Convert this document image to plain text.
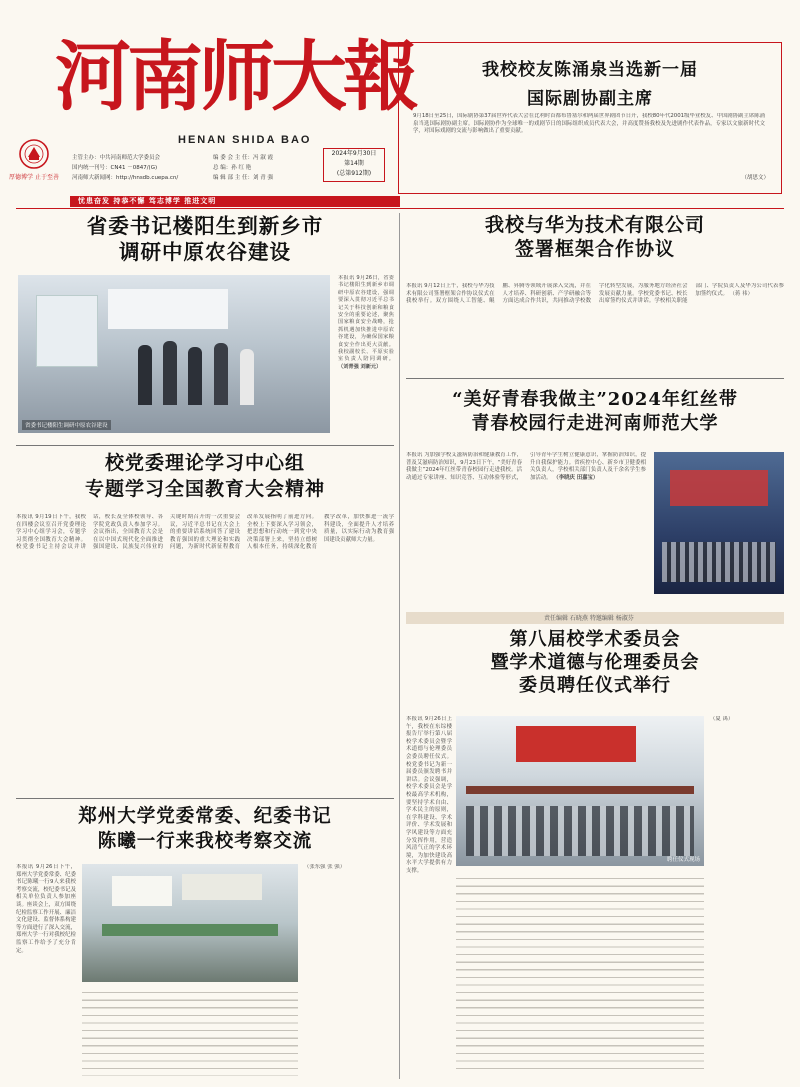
河南师大報
HENAN SHIDA BAO
厚德博学 止于至善
主管主办：中共河南师范大学委员会
国内统一刊号：CN41 －0847/(G)
河南师大新闻网：http://hnsdb.cuepa.cn/
编 委 会 主 任：冯 淑 霞
总 编：孙 红 艳
编 辑 部 主 任：刘 青 强
2024年9月30日
第14期
(总第912期)
我校校友陈涌泉当选新一届
国际剧协副主席
9月18日至25日，国际剧协第37届世界代表大会在比利时首都布鲁塞尔和两届世界剧团节日开，我校80年代2001级毕业校友、中国剧协副主席陈涌泉当选国际剧协副主席。国际剧协作为全球唯一的戏剧节日的国际组织成员代表大会，并高度赞扬我校及先进剧作代表作品，专家以文旅新时代文学，对国际戏剧的交流与影响做出了重要贡献。
（胡思文）
忧患奋发 持恭不懈 笃志博学 推进文明
省委书记楼阳生到新乡市
调研中原农谷建设
省委书记楼阳生调研中原农谷建设
本报讯 9月26日，省委书记楼阳生到新乡市调研中原农谷建设，强调要深入贯彻习近平总书记关于科技创新和粮食安全的重要论述，聚焦国家粮食安全战略，抢抓机遇加快推进中原农谷建设，为确保国家粮食安全作出更大贡献。我校副校长、平原实验室负责人陪同调研。 （刘青强 刘新元）
我校与华为技术有限公司
签署框架合作协议
本报讯 9月12日上午，我校与华为技术有限公司签署框架合作协议仪式在我校举行。双方围绕人工智能、鲲鹏、昇腾等领域开展深入交流，并在人才培养、科研创新、产学研融合等方面达成合作共识，共同推动学校数字化转型发展，为服务地方经济社会发展贡献力量。学校党委书记、校长出席签约仪式并讲话。学校相关职能部门、学院负责人及华为公司代表参加签约仪式。 （蒋 祎）
“美好青春我做主”2024年红丝带
青春校园行走进河南师范大学
本报讯 为加强学校艾滋病防治和健康教育工作，普及艾滋病防治知识，9月23日下午，“美好青春我做主”2024年红丝带青春校园行走进我校。活动通过专家讲座、知识竞答、互动体验等形式，引导青年学生树立健康意识，掌握防治知识，提升自我保护能力。省疾控中心、新乡市卫健委相关负责人，学校相关部门负责人及千余名学生参加活动。 （李晓庆 田嘉宝）
责任编辑 石晓燕 特邀编辑 杨淑芬
校党委理论学习中心组
专题学习全国教育大会精神
本报讯 9月19日下午，我校在四楼会议室召开党委理论学习中心组学习会，专题学习贯彻全国教育大会精神。校党委书记主持会议并讲话，校长及全体校领导、各学院党政负责人参加学习。会议指出，全国教育大会是在以中国式现代化全面推进强国建设、民族复兴伟业的关键时期召开的一次重要会议，习近平总书记在大会上的重要讲话系统回答了建设教育强国的重大理论和实践问题，为新时代新征程教育改革发展指明了前进方向。全校上下要深入学习领会，把思想和行动统一到党中央决策部署上来，坚持立德树人根本任务，持续深化教育教学改革，加快推进一流学科建设，全面提升人才培养质量，以实际行动为教育强国建设贡献师大力量。
第八届校学术委员会
暨学术道德与伦理委员会
委员聘任仪式举行
聘任仪式现场
本报讯 9月26日上午，我校在东综楼报告厅举行第八届校学术委员会暨学术道德与伦理委员会委员聘任仪式。校党委书记为新一届委员颁发聘书并讲话。会议强调，校学术委员会是学校最高学术机构，要坚持学术自由、学术民主的原则，在学科建设、学术评价、学术发展和学风建设等方面充分发挥作用，营造风清气正的学术环境，为加快建设高水平大学提供有力支撑。
（夏 禹）
郑州大学党委常委、纪委书记
陈曦一行来我校考察交流
本报讯 9月26日下午，郑州大学党委常委、纪委书记陈曦一行9人来我校考察交流，校纪委书记及相关单位负责人参加座谈。座谈会上，双方围绕纪检监察工作开展、廉洁文化建设、监督体系构建等方面进行了深入交流，郑州大学一行对我校纪检监察工作给予了充分肯定。
（张东强 张 强）
